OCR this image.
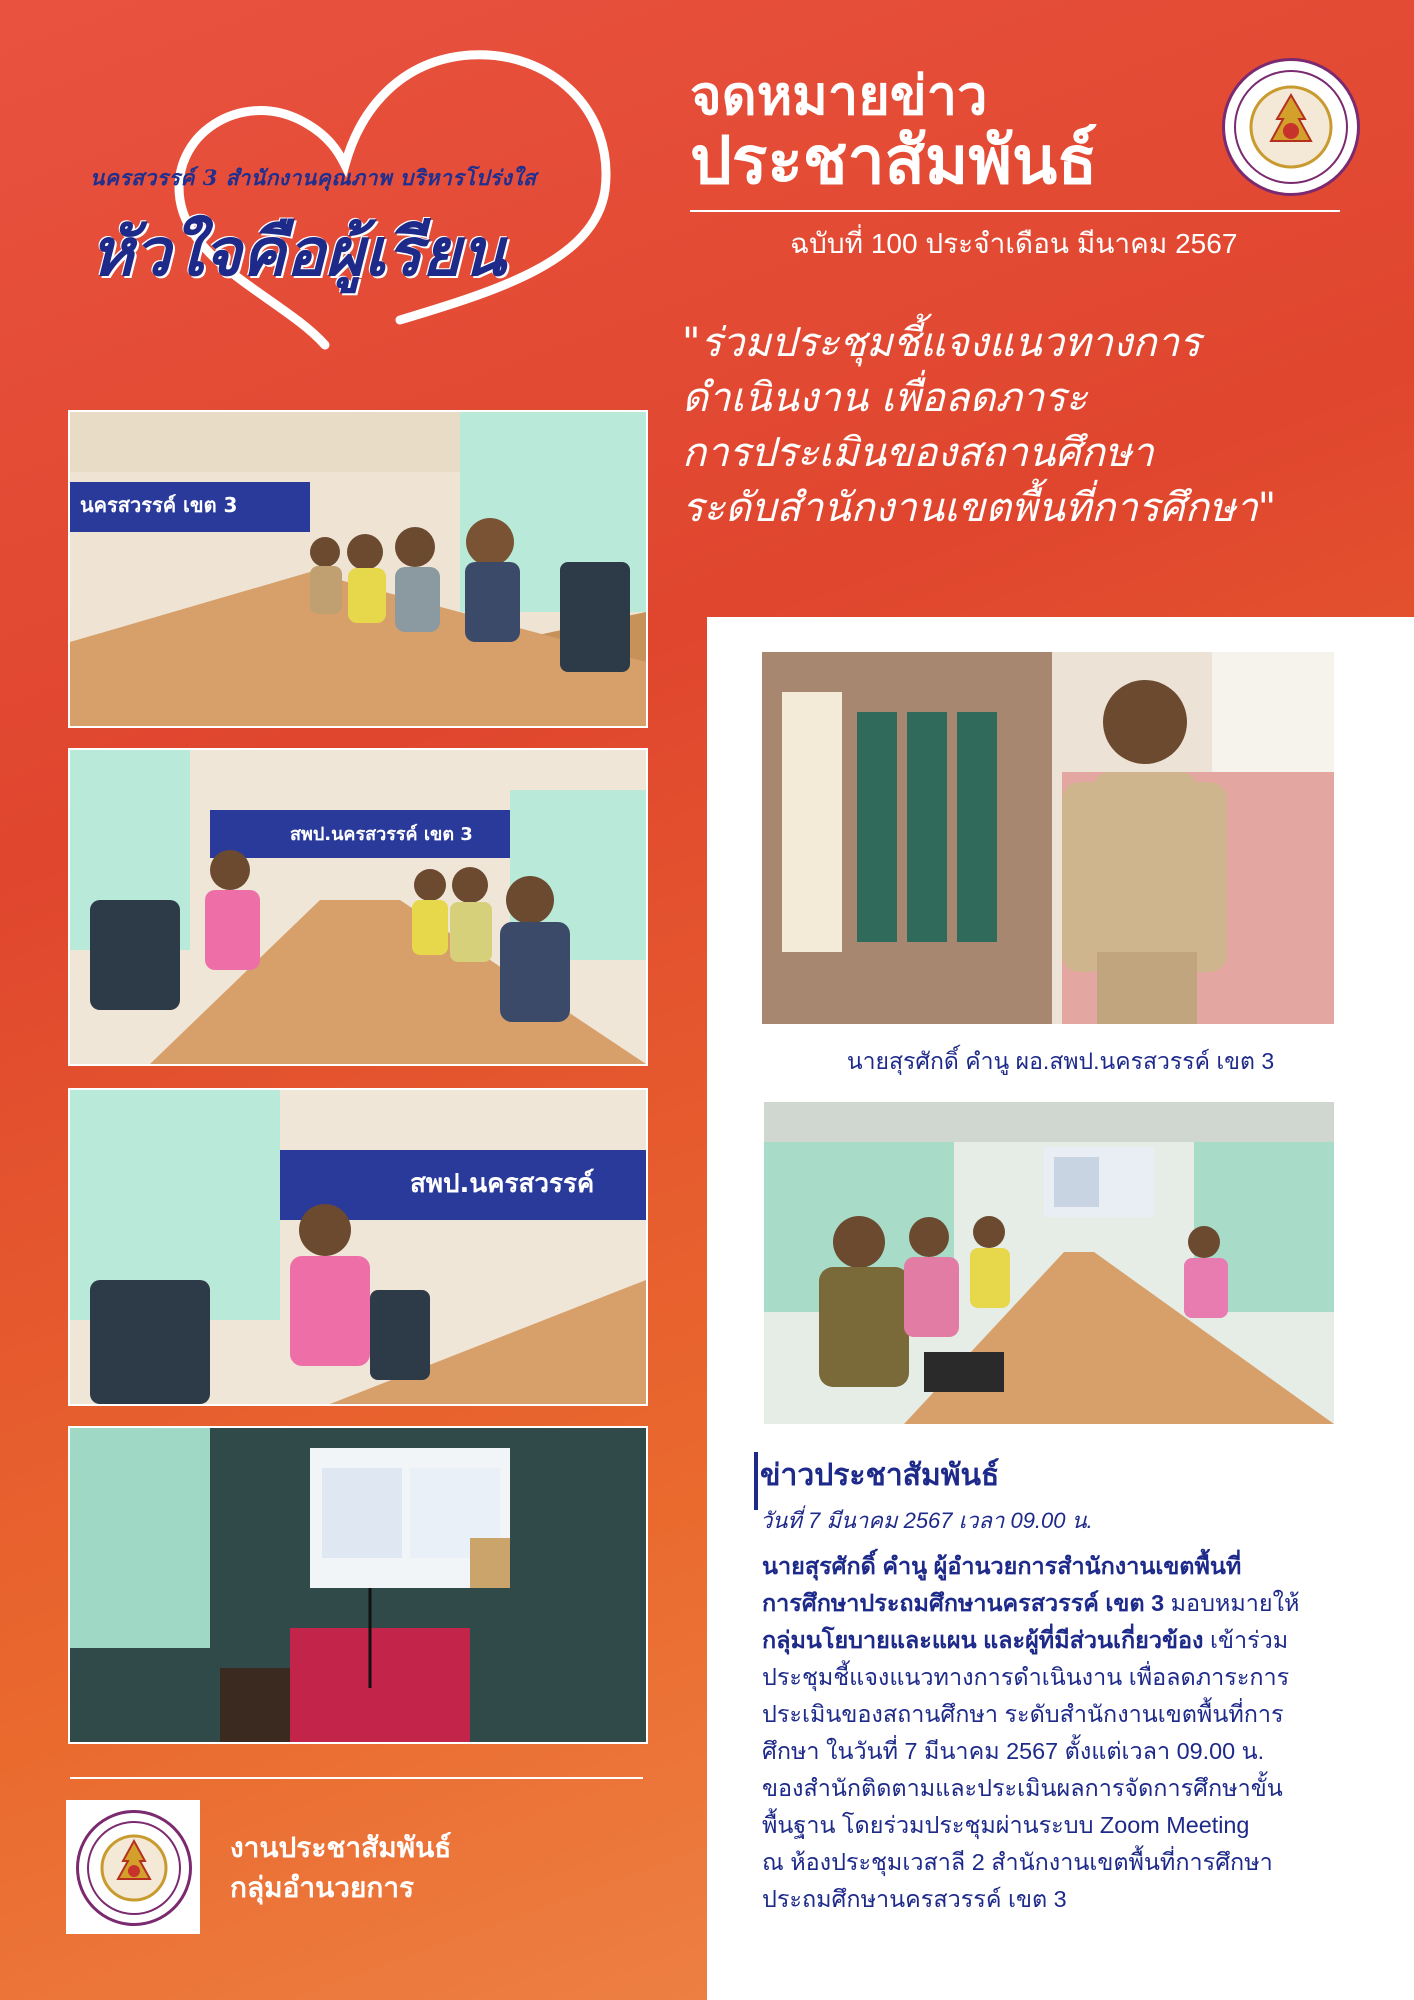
นครสวรรค์ 3 สำนักงานคุณภาพ บริหารโปร่งใส
หัวใจคือผู้เรียน
จดหมายข่าว
ประชาสัมพันธ์
ฉบับที่ 100 ประจำเดือน มีนาคม 2567
"ร่วมประชุมชี้แจงแนวทางการ
ดำเนินงาน เพื่อลดภาระ
การประเมินของสถานศึกษา
ระดับสำนักงานเขตพื้นที่การศึกษา"
นครสวรรค์ เขต 3
สพป.นครสวรรค์ เขต 3
สพป.นครสวรรค์
นายสุรศักดิ์ คำนู ผอ.สพป.นครสวรรค์ เขต 3
ข่าวประชาสัมพันธ์
วันที่ 7 มีนาคม 2567 เวลา 09.00 น.
นายสุรศักดิ์ คำนู ผู้อำนวยการสำนักงานเขตพื้นที่
การศึกษาประถมศึกษานครสวรรค์ เขต 3 มอบหมายให้
กลุ่มนโยบายและแผน และผู้ที่มีส่วนเกี่ยวข้อง เข้าร่วม
ประชุมชี้แจงแนวทางการดำเนินงาน เพื่อลดภาระการ
ประเมินของสถานศึกษา ระดับสำนักงานเขตพื้นที่การ
ศึกษา ในวันที่ 7 มีนาคม 2567 ตั้งแต่เวลา 09.00 น.
ของสำนักติดตามและประเมินผลการจัดการศึกษาขั้น
พื้นฐาน โดยร่วมประชุมผ่านระบบ Zoom Meeting
ณ ห้องประชุมเวสาลี 2 สำนักงานเขตพื้นที่การศึกษา
ประถมศึกษานครสวรรค์ เขต 3
งานประชาสัมพันธ์
กลุ่มอำนวยการ
